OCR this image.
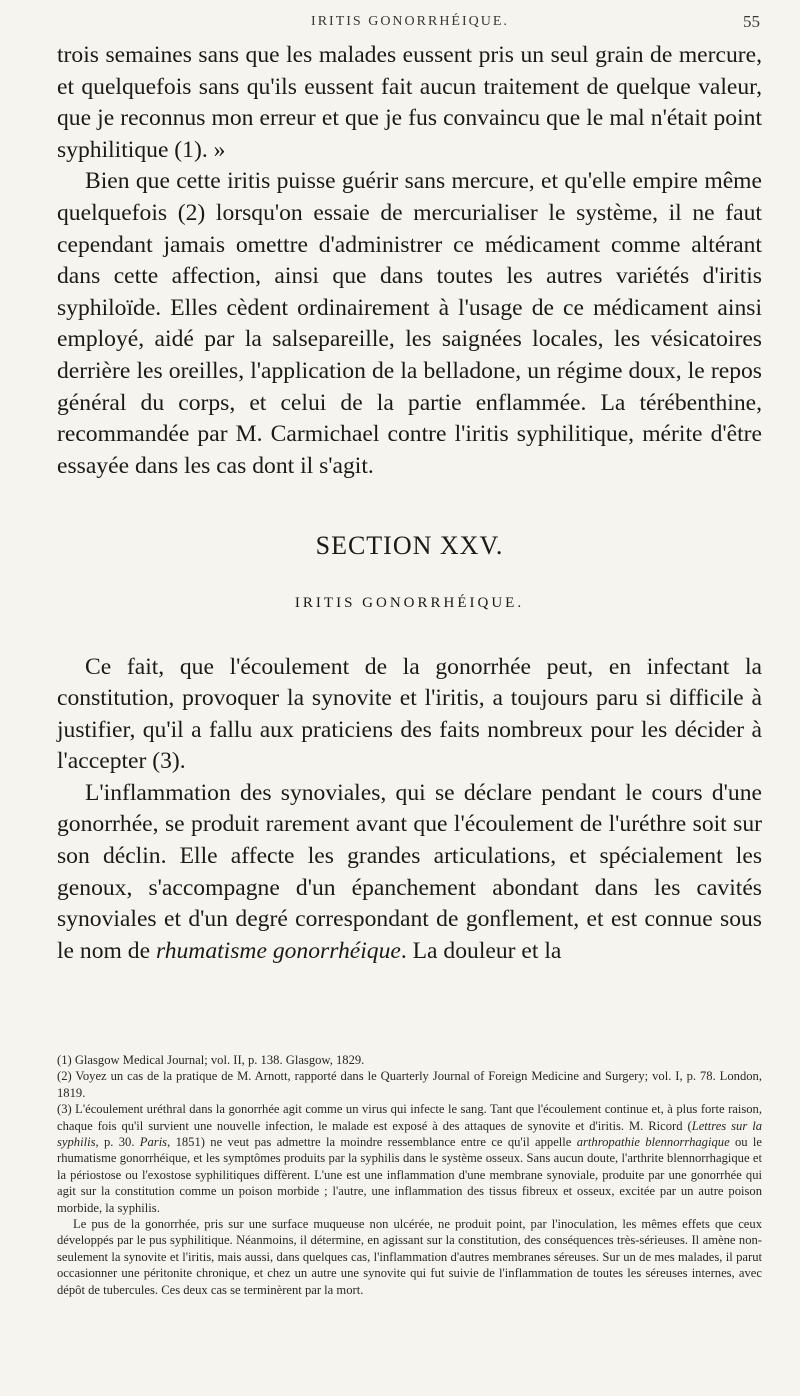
IRITIS GONORRHÉIQUE.	55

trois semaines sans que les malades eussent pris un seul grain de mercure, et quelquefois sans qu'ils eussent fait aucun traitement de quelque valeur, que je reconnus mon erreur et que je fus convaincu que le mal n'était point syphilitique (1). »

Bien que cette iritis puisse guérir sans mercure, et qu'elle empire même quelquefois (2) lorsqu'on essaie de mercurialiser le système, il ne faut cependant jamais omettre d'administrer ce médicament comme altérant dans cette affection, ainsi que dans toutes les autres variétés d'iritis syphiloïde. Elles cèdent ordinairement à l'usage de ce médicament ainsi employé, aidé par la salsepareille, les saignées locales, les vésicatoires derrière les oreilles, l'application de la belladone, un régime doux, le repos général du corps, et celui de la partie enflammée. La térébenthine, recommandée par M. Carmichael contre l'iritis syphilitique, mérite d'être essayée dans les cas dont il s'agit.

SECTION XXV.
IRITIS GONORRHÉIQUE.

Ce fait, que l'écoulement de la gonorrhée peut, en infectant la constitution, provoquer la synovite et l'iritis, a toujours paru si difficile à justifier, qu'il a fallu aux praticiens des faits nombreux pour les décider à l'accepter (3).

L'inflammation des synoviales, qui se déclare pendant le cours d'une gonorrhée, se produit rarement avant que l'écoulement de l'uréthre soit sur son déclin. Elle affecte les grandes articulations, et spécialement les genoux, s'accompagne d'un épanchement abondant dans les cavités synoviales et d'un degré correspondant de gonflement, et est connue sous le nom de rhumatisme gonorrhéique. La douleur et la

(1) Glasgow Medical Journal; vol. II, p. 138. Glasgow, 1829.

(2) Voyez un cas de la pratique de M. Arnott, rapporté dans le Quarterly Journal of Foreign Medicine and Surgery; vol. I, p. 78. London, 1819.

(3) L'écoulement uréthral dans la gonorrhée agit comme un virus qui infecte le sang. Tant que l'écoulement continue et, à plus forte raison, chaque fois qu'il survient une nouvelle infection, le malade est exposé à des attaques de synovite et d'iritis. M. Ricord (Lettres sur la syphilis, p. 30. Paris, 1851) ne veut pas admettre la moindre ressemblance entre ce qu'il appelle arthropathie blennorrhagique ou le rhumatisme gonorrhéique, et les symptômes produits par la syphilis dans le système osseux. Sans aucun doute, l'arthrite blennorrhagique et la périostose ou l'exostose syphilitiques diffèrent. L'une est une inflammation d'une membrane synoviale, produite par une gonorrhée qui agit sur la constitution comme un poison morbide ; l'autre, une inflammation des tissus fibreux et osseux, excitée par un autre poison morbide, la syphilis.

Le pus de la gonorrhée, pris sur une surface muqueuse non ulcérée, ne produit point, par l'inoculation, les mêmes effets que ceux développés par le pus syphilitique. Néanmoins, il détermine, en agissant sur la constitution, des conséquences très-sérieuses. Il amène non-seulement la synovite et l'iritis, mais aussi, dans quelques cas, l'inflammation d'autres membranes séreuses. Sur un de mes malades, il parut occasionner une péritonite chronique, et chez un autre une synovite qui fut suivie de l'inflammation de toutes les séreuses internes, avec dépôt de tubercules. Ces deux cas se terminèrent par la mort.
